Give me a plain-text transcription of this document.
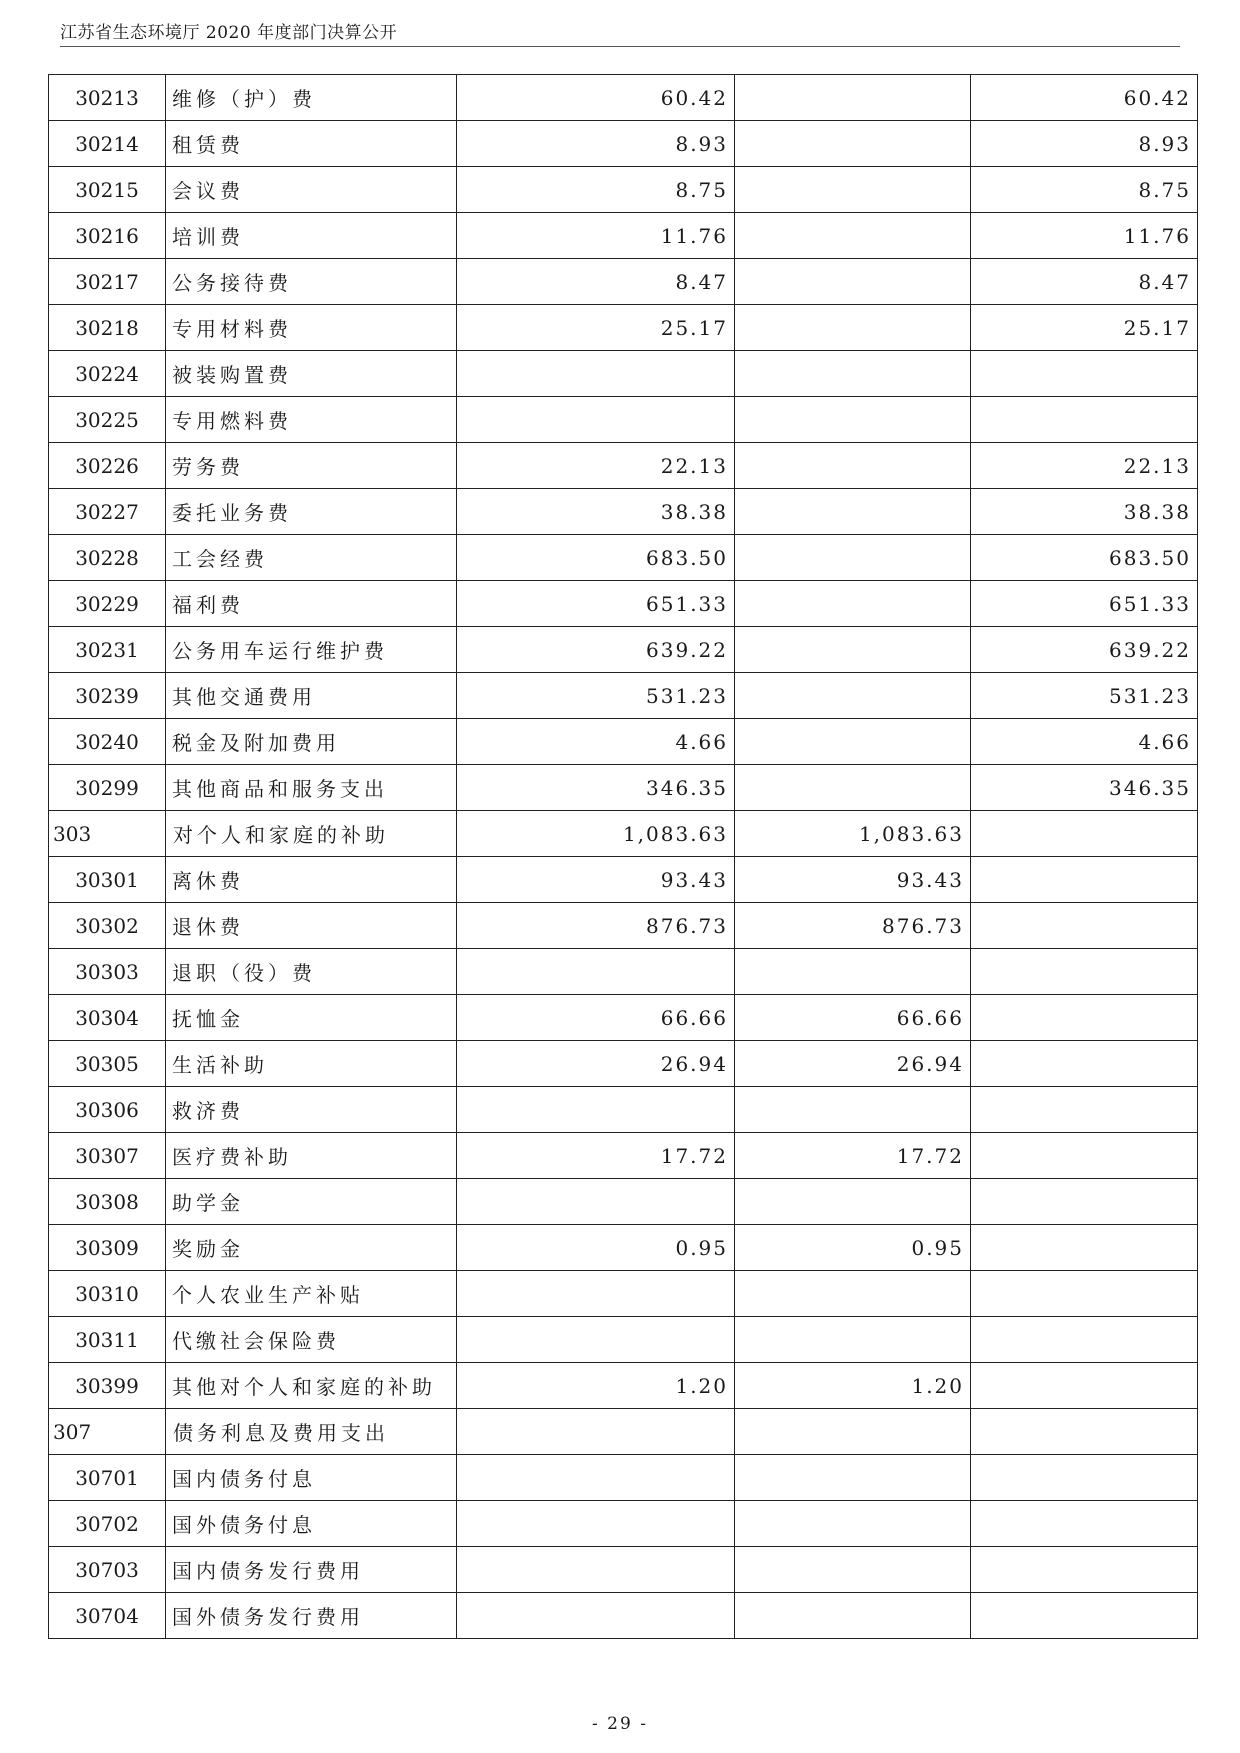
江苏省生态环境厅 2020 年度部门决算公开
30213	维修（护）费	60.42		60.42
30214	租赁费	8.93		8.93
30215	会议费	8.75		8.75
30216	培训费	11.76		11.76
30217	公务接待费	8.47		8.47
30218	专用材料费	25.17		25.17
30224	被装购置费			
30225	专用燃料费			
30226	劳务费	22.13		22.13
30227	委托业务费	38.38		38.38
30228	工会经费	683.50		683.50
30229	福利费	651.33		651.33
30231	公务用车运行维护费	639.22		639.22
30239	其他交通费用	531.23		531.23
30240	税金及附加费用	4.66		4.66
30299	其他商品和服务支出	346.35		346.35
303	对个人和家庭的补助	1,083.63	1,083.63	
30301	离休费	93.43	93.43	
30302	退休费	876.73	876.73	
30303	退职（役）费			
30304	抚恤金	66.66	66.66	
30305	生活补助	26.94	26.94	
30306	救济费			
30307	医疗费补助	17.72	17.72	
30308	助学金			
30309	奖励金	0.95	0.95	
30310	个人农业生产补贴			
30311	代缴社会保险费			
30399	其他对个人和家庭的补助	1.20	1.20	
307	债务利息及费用支出			
30701	国内债务付息			
30702	国外债务付息			
30703	国内债务发行费用			
30704	国外债务发行费用			
- 29 -
